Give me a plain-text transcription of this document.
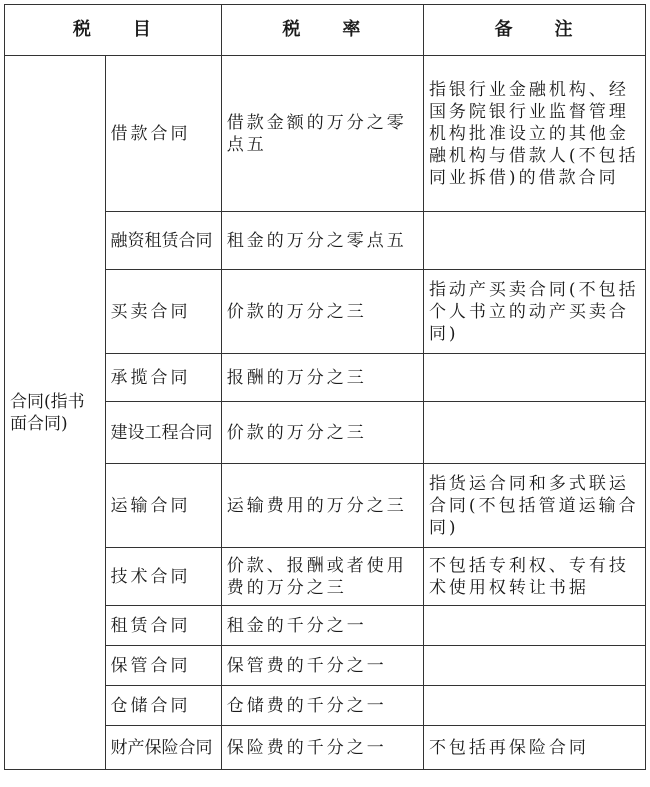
税　　目		税　　率	备　　注
合同(指书面合同)	借款合同	借款金额的万分之零点五	指银行业金融机构、经国务院银行业监督管理机构批准设立的其他金融机构与借款人(不包括同业拆借)的借款合同
	融资租赁合同	租金的万分之零点五	
	买卖合同	价款的万分之三	指动产买卖合同(不包括个人书立的动产买卖合同)
	承揽合同	报酬的万分之三	
	建设工程合同	价款的万分之三	
	运输合同	运输费用的万分之三	指货运合同和多式联运合同(不包括管道运输合同)
	技术合同	价款、报酬或者使用费的万分之三	不包括专利权、专有技术使用权转让书据
	租赁合同	租金的千分之一	
	保管合同	保管费的千分之一	
	仓储合同	仓储费的千分之一	
	财产保险合同	保险费的千分之一	不包括再保险合同
